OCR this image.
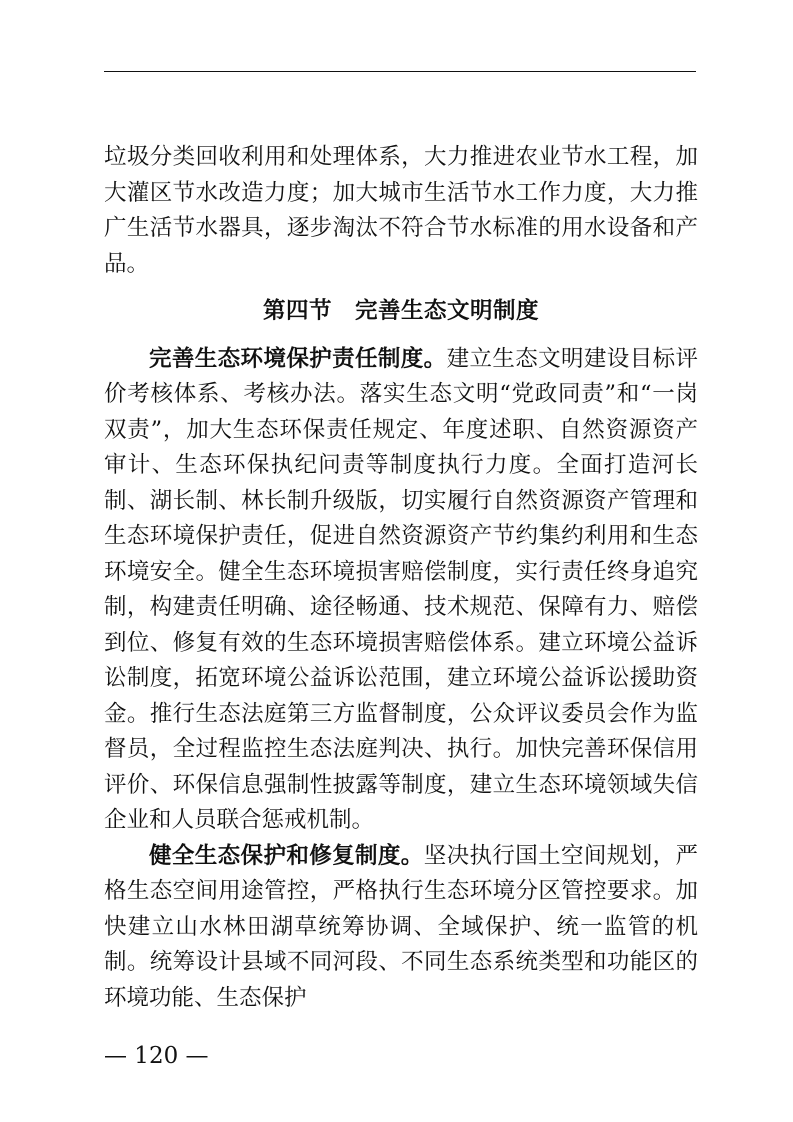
垃圾分类回收利用和处理体系，大力推进农业节水工程，加大灌区节水改造力度；加大城市生活节水工作力度，大力推广生活节水器具，逐步淘汰不符合节水标准的用水设备和产品。

第四节　完善生态文明制度

完善生态环境保护责任制度。建立生态文明建设目标评价考核体系、考核办法。落实生态文明“党政同责”和“一岗双责”，加大生态环保责任规定、年度述职、自然资源资产审计、生态环保执纪问责等制度执行力度。全面打造河长制、湖长制、林长制升级版，切实履行自然资源资产管理和生态环境保护责任，促进自然资源资产节约集约利用和生态环境安全。健全生态环境损害赔偿制度，实行责任终身追究制，构建责任明确、途径畅通、技术规范、保障有力、赔偿到位、修复有效的生态环境损害赔偿体系。建立环境公益诉讼制度，拓宽环境公益诉讼范围，建立环境公益诉讼援助资金。推行生态法庭第三方监督制度，公众评议委员会作为监督员，全过程监控生态法庭判决、执行。加快完善环保信用评价、环保信息强制性披露等制度，建立生态环境领域失信企业和人员联合惩戒机制。

健全生态保护和修复制度。坚决执行国土空间规划，严格生态空间用途管控，严格执行生态环境分区管控要求。加快建立山水林田湖草统筹协调、全域保护、统一监管的机制。统筹设计县域不同河段、不同生态系统类型和功能区的环境功能、生态保护

— 120 —
